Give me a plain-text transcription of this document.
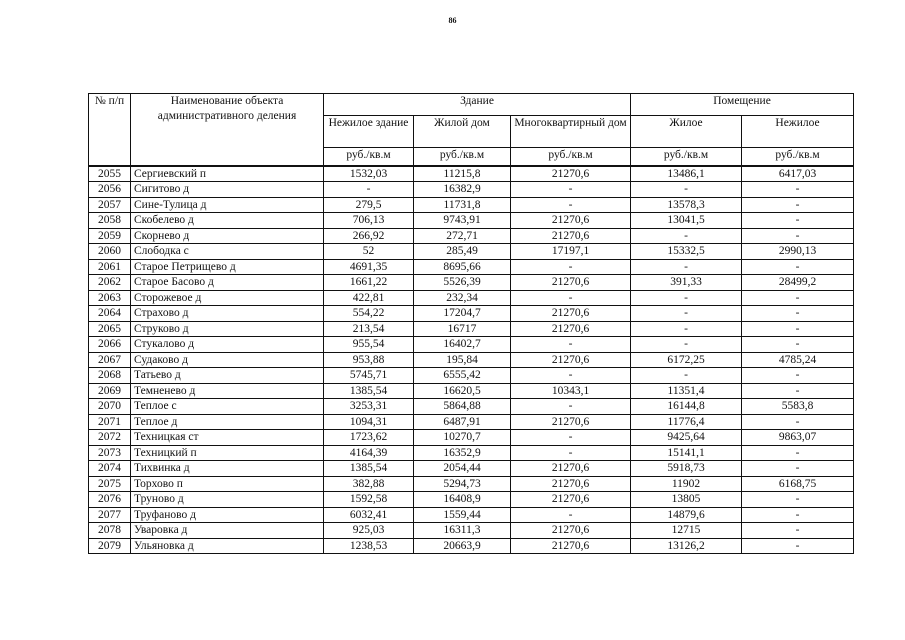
86
№ п/п	Наименование объекта административного деления	Здание			Помещение	
		Нежилое здание	Жилой дом	Многоквартирный дом	Жилое	Нежилое
		руб./кв.м	руб./кв.м	руб./кв.м	руб./кв.м	руб./кв.м
2055	Сергиевский п	1532,03	11215,8	21270,6	13486,1	6417,03
2056	Сигитово д	-	16382,9	-	-	-
2057	Сине-Тулица д	279,5	11731,8	-	13578,3	-
2058	Скобелево д	706,13	9743,91	21270,6	13041,5	-
2059	Скорнево д	266,92	272,71	21270,6	-	-
2060	Слободка с	52	285,49	17197,1	15332,5	2990,13
2061	Старое Петрищево д	4691,35	8695,66	-	-	-
2062	Старое Басово д	1661,22	5526,39	21270,6	391,33	28499,2
2063	Сторожевое д	422,81	232,34	-	-	-
2064	Страхово д	554,22	17204,7	21270,6	-	-
2065	Струково д	213,54	16717	21270,6	-	-
2066	Стукалово д	955,54	16402,7	-	-	-
2067	Судаково д	953,88	195,84	21270,6	6172,25	4785,24
2068	Татьево д	5745,71	6555,42	-	-	-
2069	Темненево д	1385,54	16620,5	10343,1	11351,4	-
2070	Теплое с	3253,31	5864,88	-	16144,8	5583,8
2071	Теплое д	1094,31	6487,91	21270,6	11776,4	-
2072	Техницкая ст	1723,62	10270,7	-	9425,64	9863,07
2073	Техницкий п	4164,39	16352,9	-	15141,1	-
2074	Тихвинка д	1385,54	2054,44	21270,6	5918,73	-
2075	Торхово п	382,88	5294,73	21270,6	11902	6168,75
2076	Труново д	1592,58	16408,9	21270,6	13805	-
2077	Труфаново д	6032,41	1559,44	-	14879,6	-
2078	Уваровка д	925,03	16311,3	21270,6	12715	-
2079	Ульяновка д	1238,53	20663,9	21270,6	13126,2	-
